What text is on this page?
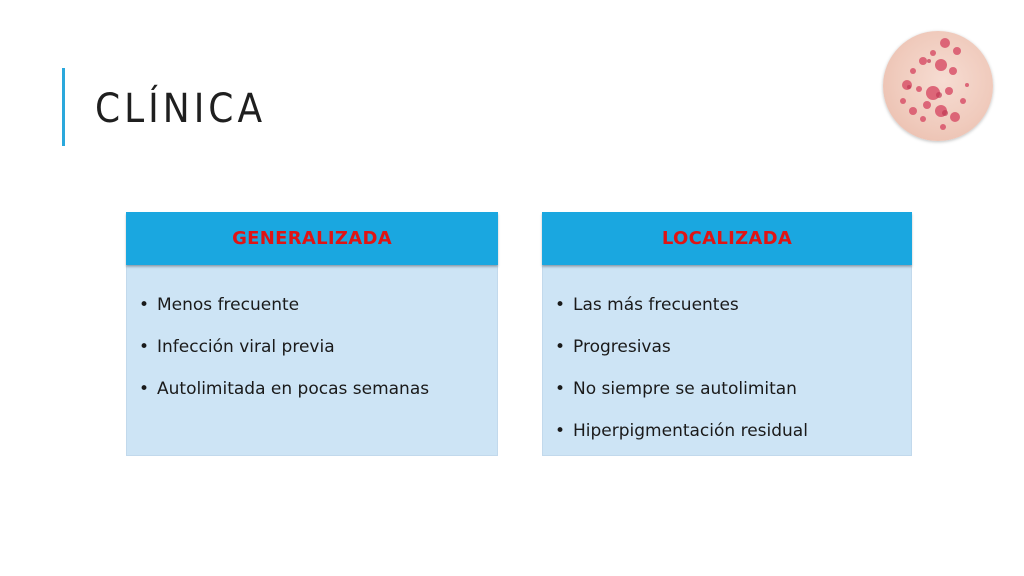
CLÍNICA
GENERALIZADA
• Menos frecuente
• Infección viral previa
• Autolimitada en pocas semanas
LOCALIZADA
• Las más frecuentes
• Progresivas
• No siempre se autolimitan
• Hiperpigmentación residual
